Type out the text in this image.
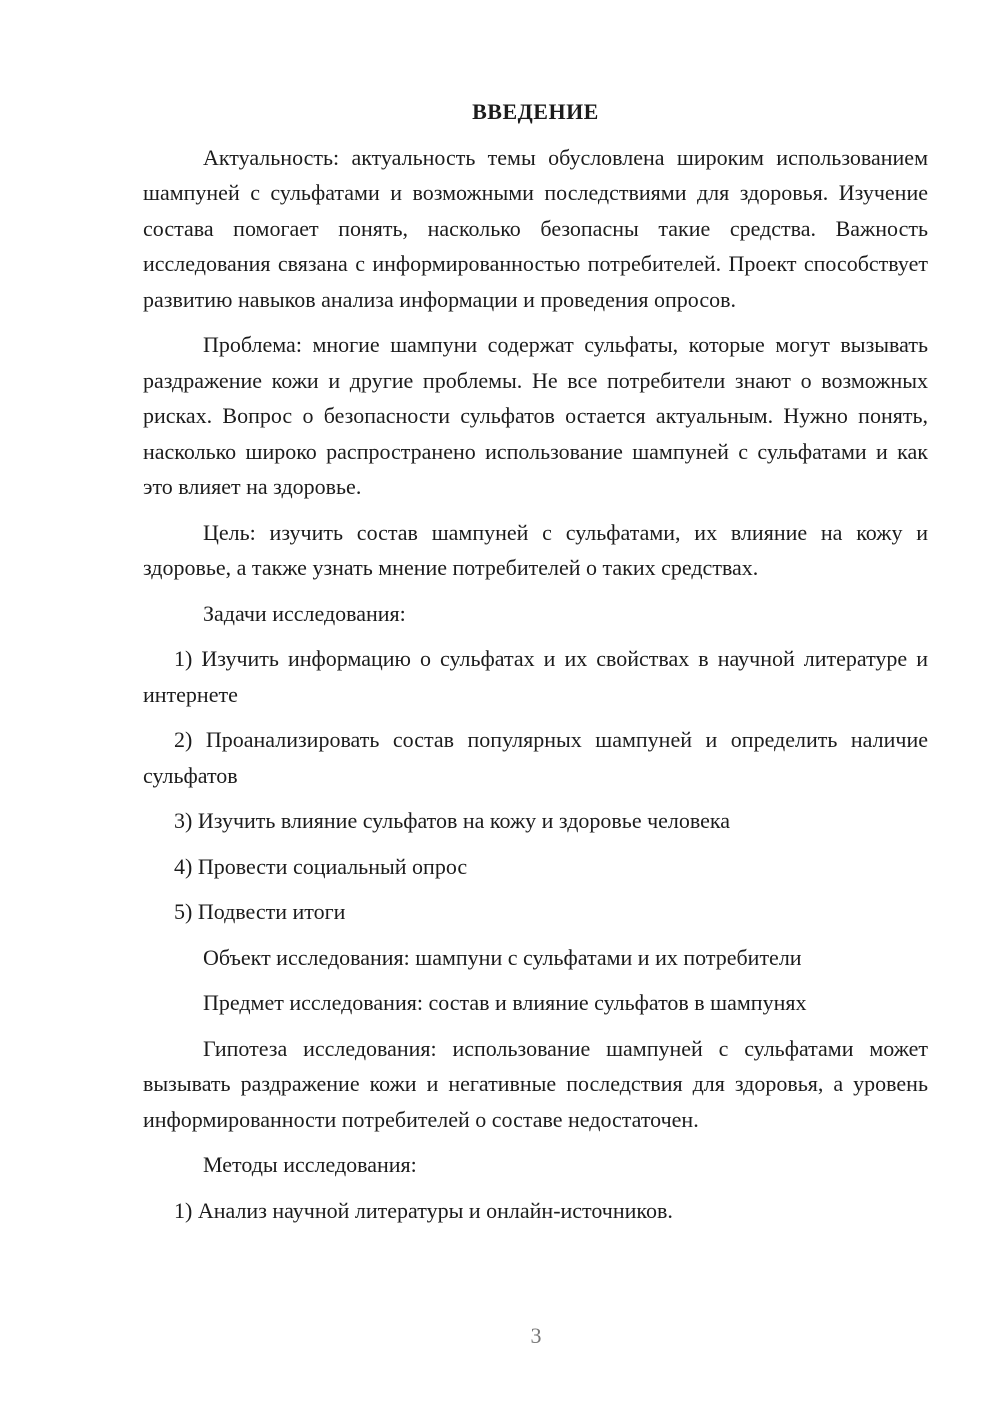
ВВЕДЕНИЕ

Актуальность: актуальность темы обусловлена широким использованием шампуней с сульфатами и возможными последствиями для здоровья. Изучение состава помогает понять, насколько безопасны такие средства. Важность исследования связана с информированностью потребителей. Проект способствует развитию навыков анализа информации и проведения опросов.

Проблема: многие шампуни содержат сульфаты, которые могут вызывать раздражение кожи и другие проблемы. Не все потребители знают о возможных рисках. Вопрос о безопасности сульфатов остается актуальным. Нужно понять, насколько широко распространено использование шампуней с сульфатами и как это влияет на здоровье.

Цель: изучить состав шампуней с сульфатами, их влияние на кожу и здоровье, а также узнать мнение потребителей о таких средствах.

Задачи исследования:

1) Изучить информацию о сульфатах и их свойствах в научной литературе и интернете

2) Проанализировать состав популярных шампуней и определить наличие сульфатов

3) Изучить влияние сульфатов на кожу и здоровье человека

4) Провести социальный опрос

5) Подвести итоги

Объект исследования: шампуни с сульфатами и их потребители

Предмет исследования: состав и влияние сульфатов в шампунях

Гипотеза исследования: использование шампуней с сульфатами может вызывать раздражение кожи и негативные последствия для здоровья, а уровень информированности потребителей о составе недостаточен.

Методы исследования:

1) Анализ научной литературы и онлайн-источников.

3
